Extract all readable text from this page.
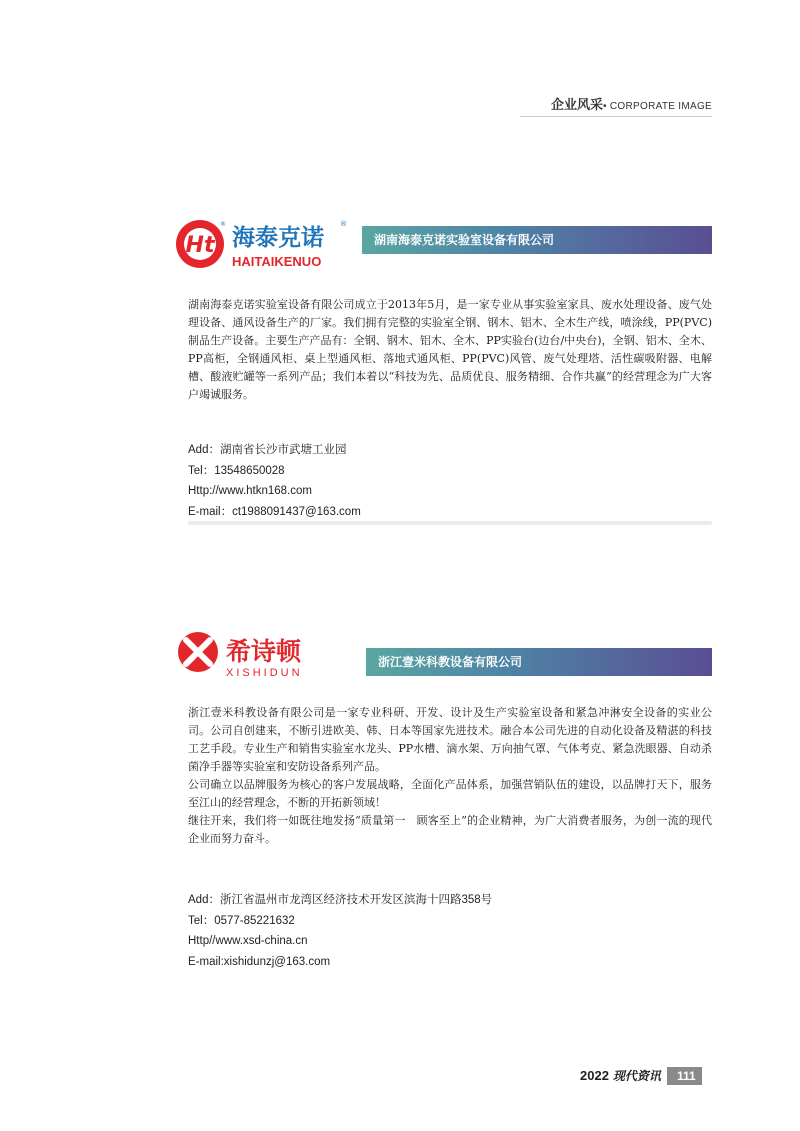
企业风采• CORPORATE IMAGE
Ht 海泰克诺
HAITAIKENUO
®
®
湖南海泰克诺实验室设备有限公司

湖南海泰克诺实验室设备有限公司成立于2013年5月，是一家专业从事实验室家具、废水处理设备、废气处理设备、通风设备生产的厂家。我们拥有完整的实验室全钢、钢木、铝木、全木生产线，喷涂线，PP(PVC)制品生产设备。主要生产产品有：全钢、钢木、铝木、全木、PP实验台(边台/中央台)，全钢、铝木、全木、PP高柜，全钢通风柜、桌上型通风柜、落地式通风柜、PP(PVC)风管、废气处理塔、活性碳吸附器、电解槽、酸液贮罐等一系列产品；我们本着以“科技为先、品质优良、服务精细、合作共赢”的经营理念为广大客户竭诚服务。

Add：湖南省长沙市武塘工业园
Tel：13548650028
Http://www.htkn168.com
E-mail：ct1988091437@163.com
希诗顿
XISHIDUN
浙江壹米科教设备有限公司

浙江壹米科教设备有限公司是一家专业科研、开发、设计及生产实验室设备和紧急冲淋安全设备的实业公司。公司自创建来，不断引进欧美、韩、日本等国家先进技术。融合本公司先进的自动化设备及精湛的科技工艺手段。专业生产和销售实验室水龙头、PP水槽、滴水架、万向抽气罩、气体考克、紧急洗眼器、自动杀菌净手器等实验室和安防设备系列产品。

公司确立以品牌服务为核心的客户发展战略，全面化产品体系，加强营销队伍的建设，以品牌打天下，服务至江山的经营理念，不断的开拓新领域！

继往开来，我们将一如既往地发扬“质量第一　顾客至上”的企业精神，为广大消费者服务，为创一流的现代企业而努力奋斗。

Add：浙江省温州市龙湾区经济技术开发区滨海十四路358号
Tel：0577-85221632
Http//www.xsd-china.cn
E-mail:xishidunzj@163.com
2022 现代资讯 111
